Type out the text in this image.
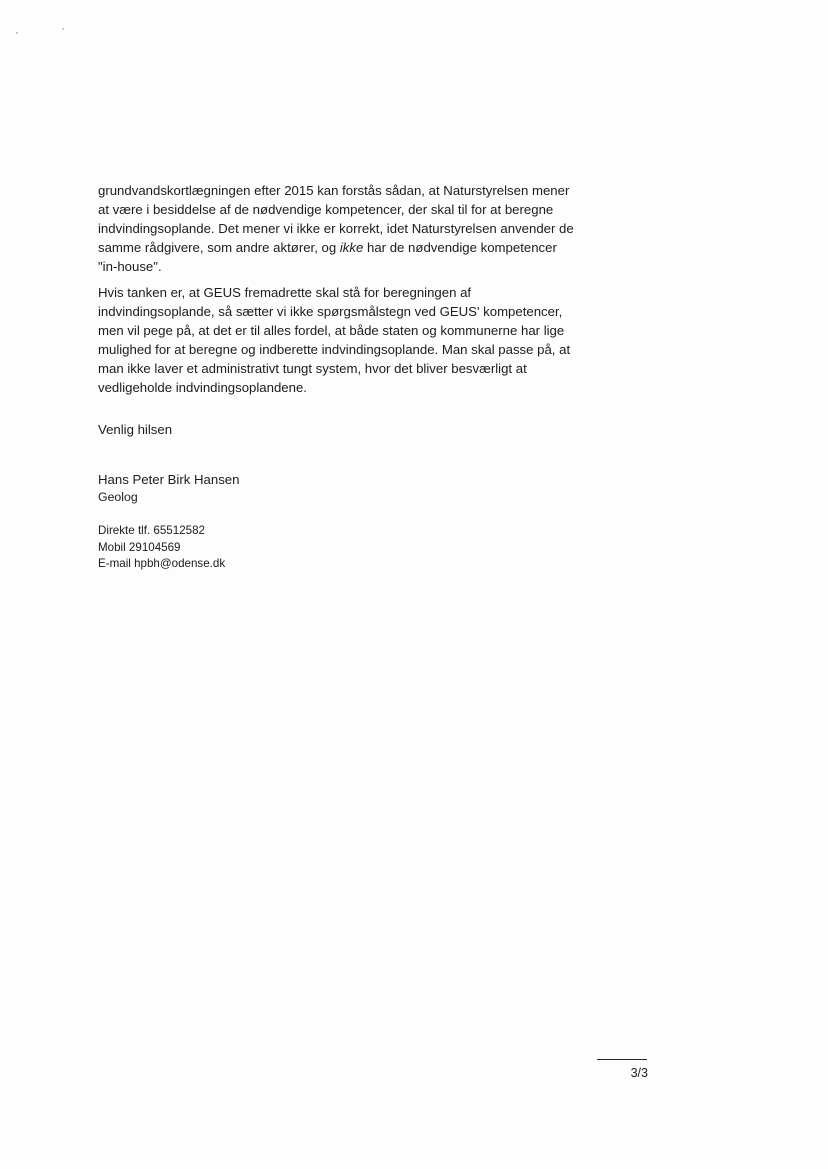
grundvandskortlægningen efter 2015 kan forstås sådan, at Naturstyrelsen mener
at være i besiddelse af de nødvendige kompetencer, der skal til for at beregne
indvindingsoplande. Det mener vi ikke er korrekt, idet Naturstyrelsen anvender de
samme rådgivere, som andre aktører, og ikke har de nødvendige kompetencer
"in-house".

Hvis tanken er, at GEUS fremadrette skal stå for beregningen af
indvindingsoplande, så sætter vi ikke spørgsmålstegn ved GEUS' kompetencer,
men vil pege på, at det er til alles fordel, at både staten og kommunerne har lige
mulighed for at beregne og indberette indvindingsoplande. Man skal passe på, at
man ikke laver et administrativt tungt system, hvor det bliver besværligt at
vedligeholde indvindingsoplandene.

Venlig hilsen

Hans Peter Birk Hansen

Geolog

Direkte tlf. 65512582
Mobil 29104569
E-mail hpbh@odense.dk
3/3
